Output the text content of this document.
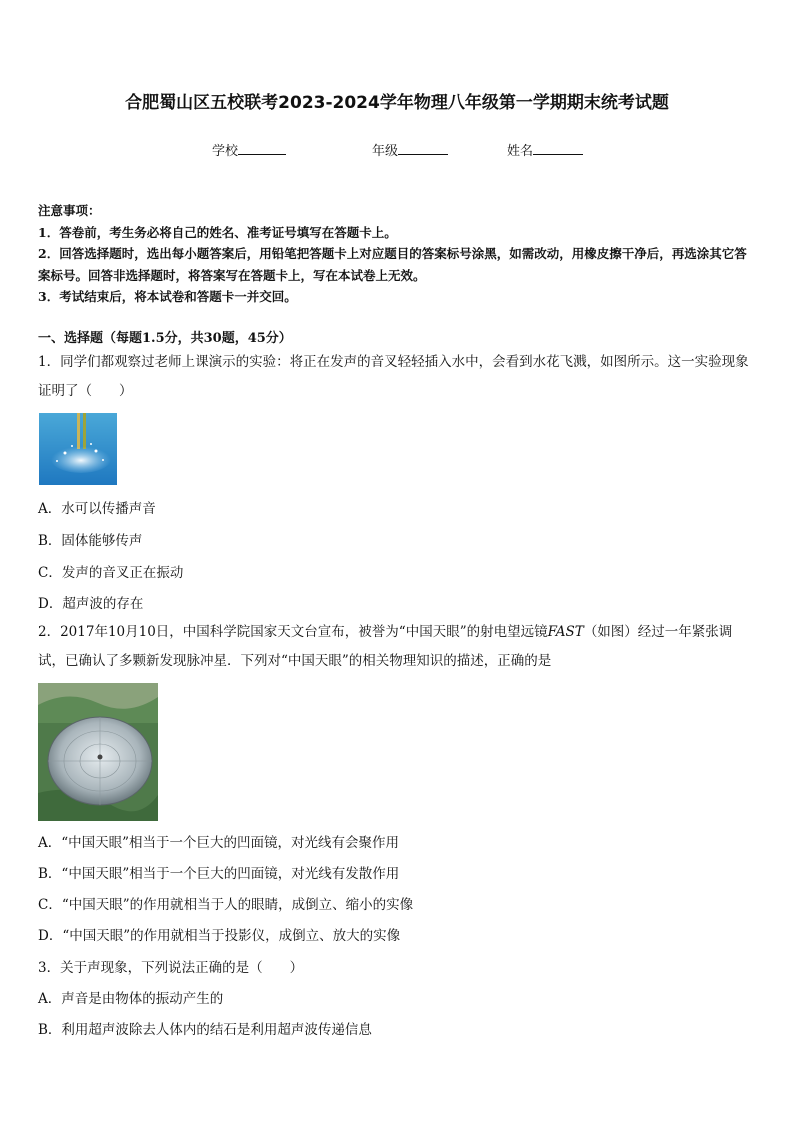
合肥蜀山区五校联考2023-2024学年物理八年级第一学期期末统考试题
学校	年级	姓名
注意事项：
1．答卷前，考生务必将自己的姓名、准考证号填写在答题卡上。
2．回答选择题时，选出每小题答案后，用铅笔把答题卡上对应题目的答案标号涂黑，如需改动，用橡皮擦干净后，再选涂其它答案标号。回答非选择题时，将答案写在答题卡上，写在本试卷上无效。
3．考试结束后，将本试卷和答题卡一并交回。
一、选择题（每题1.5分，共30题，45分）
1．同学们都观察过老师上课演示的实验：将正在发声的音叉轻轻插入水中，会看到水花飞溅，如图所示。这一实验现象证明了（　　）
A．水可以传播声音
B．固体能够传声
C．发声的音叉正在振动
D．超声波的存在
2．2017年10月10日，中国科学院国家天文台宣布，被誉为“中国天眼”的射电望远镜FAST（如图）经过一年紧张调试，已确认了多颗新发现脉冲星．下列对“中国天眼”的相关物理知识的描述，正确的是
A．“中国天眼”相当于一个巨大的凹面镜，对光线有会聚作用
B．“中国天眼”相当于一个巨大的凹面镜，对光线有发散作用
C．“中国天眼”的作用就相当于人的眼睛，成倒立、缩小的实像
D．“中国天眼”的作用就相当于投影仪，成倒立、放大的实像
3．关于声现象，下列说法正确的是（　　）
A．声音是由物体的振动产生的
B．利用超声波除去人体内的结石是利用超声波传递信息
